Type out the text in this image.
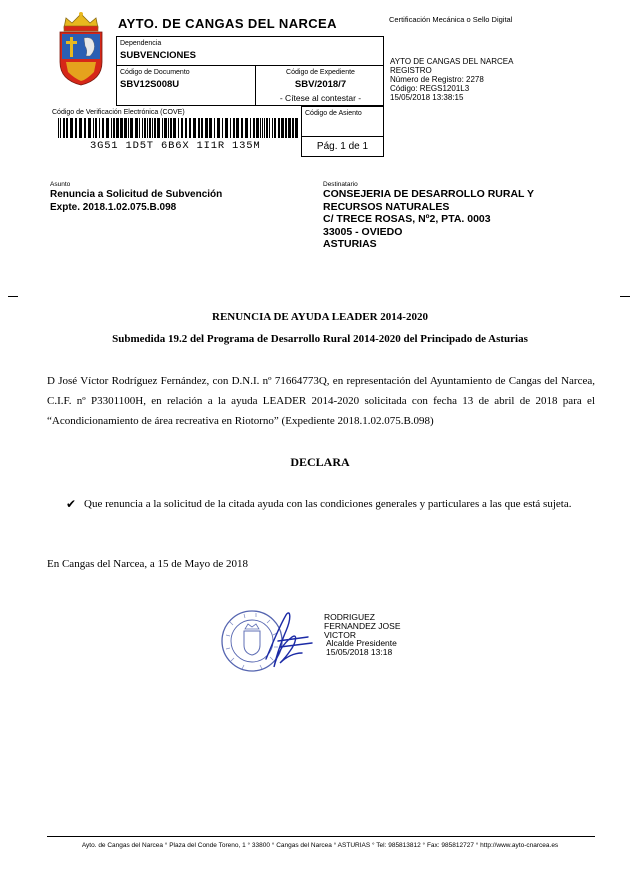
AYTO. DE CANGAS DEL NARCEA	Certificación Mecánica o Sello Digital
Dependencia
SUBVENCIONES
Código de Documento
SBV12S008U
Código de Expediente
SBV/2018/7
- Cítese al contestar -
AYTO DE CANGAS DEL NARCEA
REGISTRO
Número de Registro: 2278
Código: REGS1201L3
15/05/2018 13:38:15
Código de Verificación Electrónica (COVE)
3G51 1D5T 6B6X 1I1R 135M
Código de Asiento
Pág. 1 de 1
Asunto
Renuncia a Solicitud de Subvención
Expte. 2018.1.02.075.B.098
Destinatario
CONSEJERIA DE DESARROLLO RURAL Y
RECURSOS NATURALES
C/ TRECE ROSAS, Nº2, PTA. 0003
33005 - OVIEDO
ASTURIAS
RENUNCIA DE AYUDA LEADER 2014-2020
Submedida 19.2 del Programa de Desarrollo Rural 2014-2020 del Principado de Asturias
D José Víctor Rodríguez Fernández, con D.N.I. nº 71664773Q, en representación del Ayuntamiento de Cangas del Narcea, C.I.F. nº P3301100H, en relación a la ayuda LEADER 2014-2020 solicitada con fecha 13 de abril de 2018 para el “Acondicionamiento de área recreativa en Riotorno” (Expediente 2018.1.02.075.B.098)
DECLARA
✔ Que renuncia a la solicitud de la citada ayuda con las condiciones generales y particulares a las que está sujeta.
En Cangas del Narcea, a 15 de Mayo de 2018
RODRIGUEZ
FERNANDEZ JOSE
VICTOR
Alcalde Presidente
15/05/2018 13:18
Ayto. de Cangas del Narcea ° Plaza del Conde Toreno, 1 ° 33800 ° Cangas del Narcea ° ASTURIAS ° Tel: 985813812 ° Fax: 985812727 ° http://www.ayto-cnarcea.es
